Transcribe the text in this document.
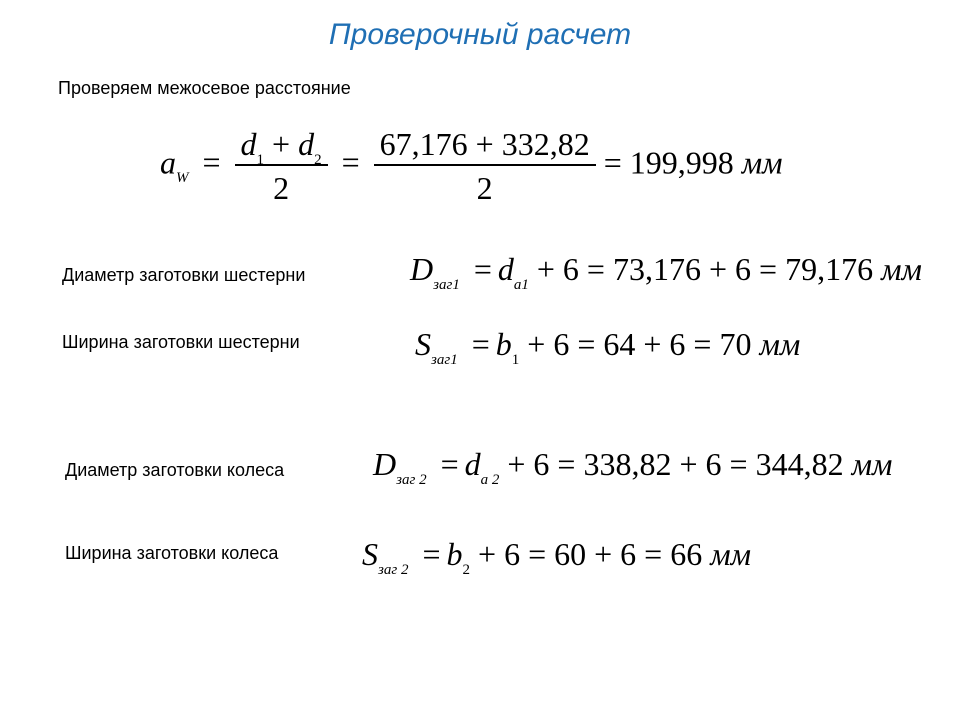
Проверочный расчет
Проверяем межосевое расстояние
$a_W = \frac{d_1 + d_2}{2} = \frac{67,176 + 332,82}{2} = 199,998$ мм
Диаметр заготовки шестерни	$D_{заг1} = d_{a1} + 6 = 73,176 + 6 = 79,176$ мм
Ширина заготовки шестерни	$S_{заг1} = b_1 + 6 = 64 + 6 = 70$ мм
Диаметр заготовки колеса	$D_{заг 2} = d_{a 2} + 6 = 338,82 + 6 = 344,82$ мм
Ширина заготовки колеса	$S_{заг 2} = b_2 + 6 = 60 + 6 = 66$ мм
